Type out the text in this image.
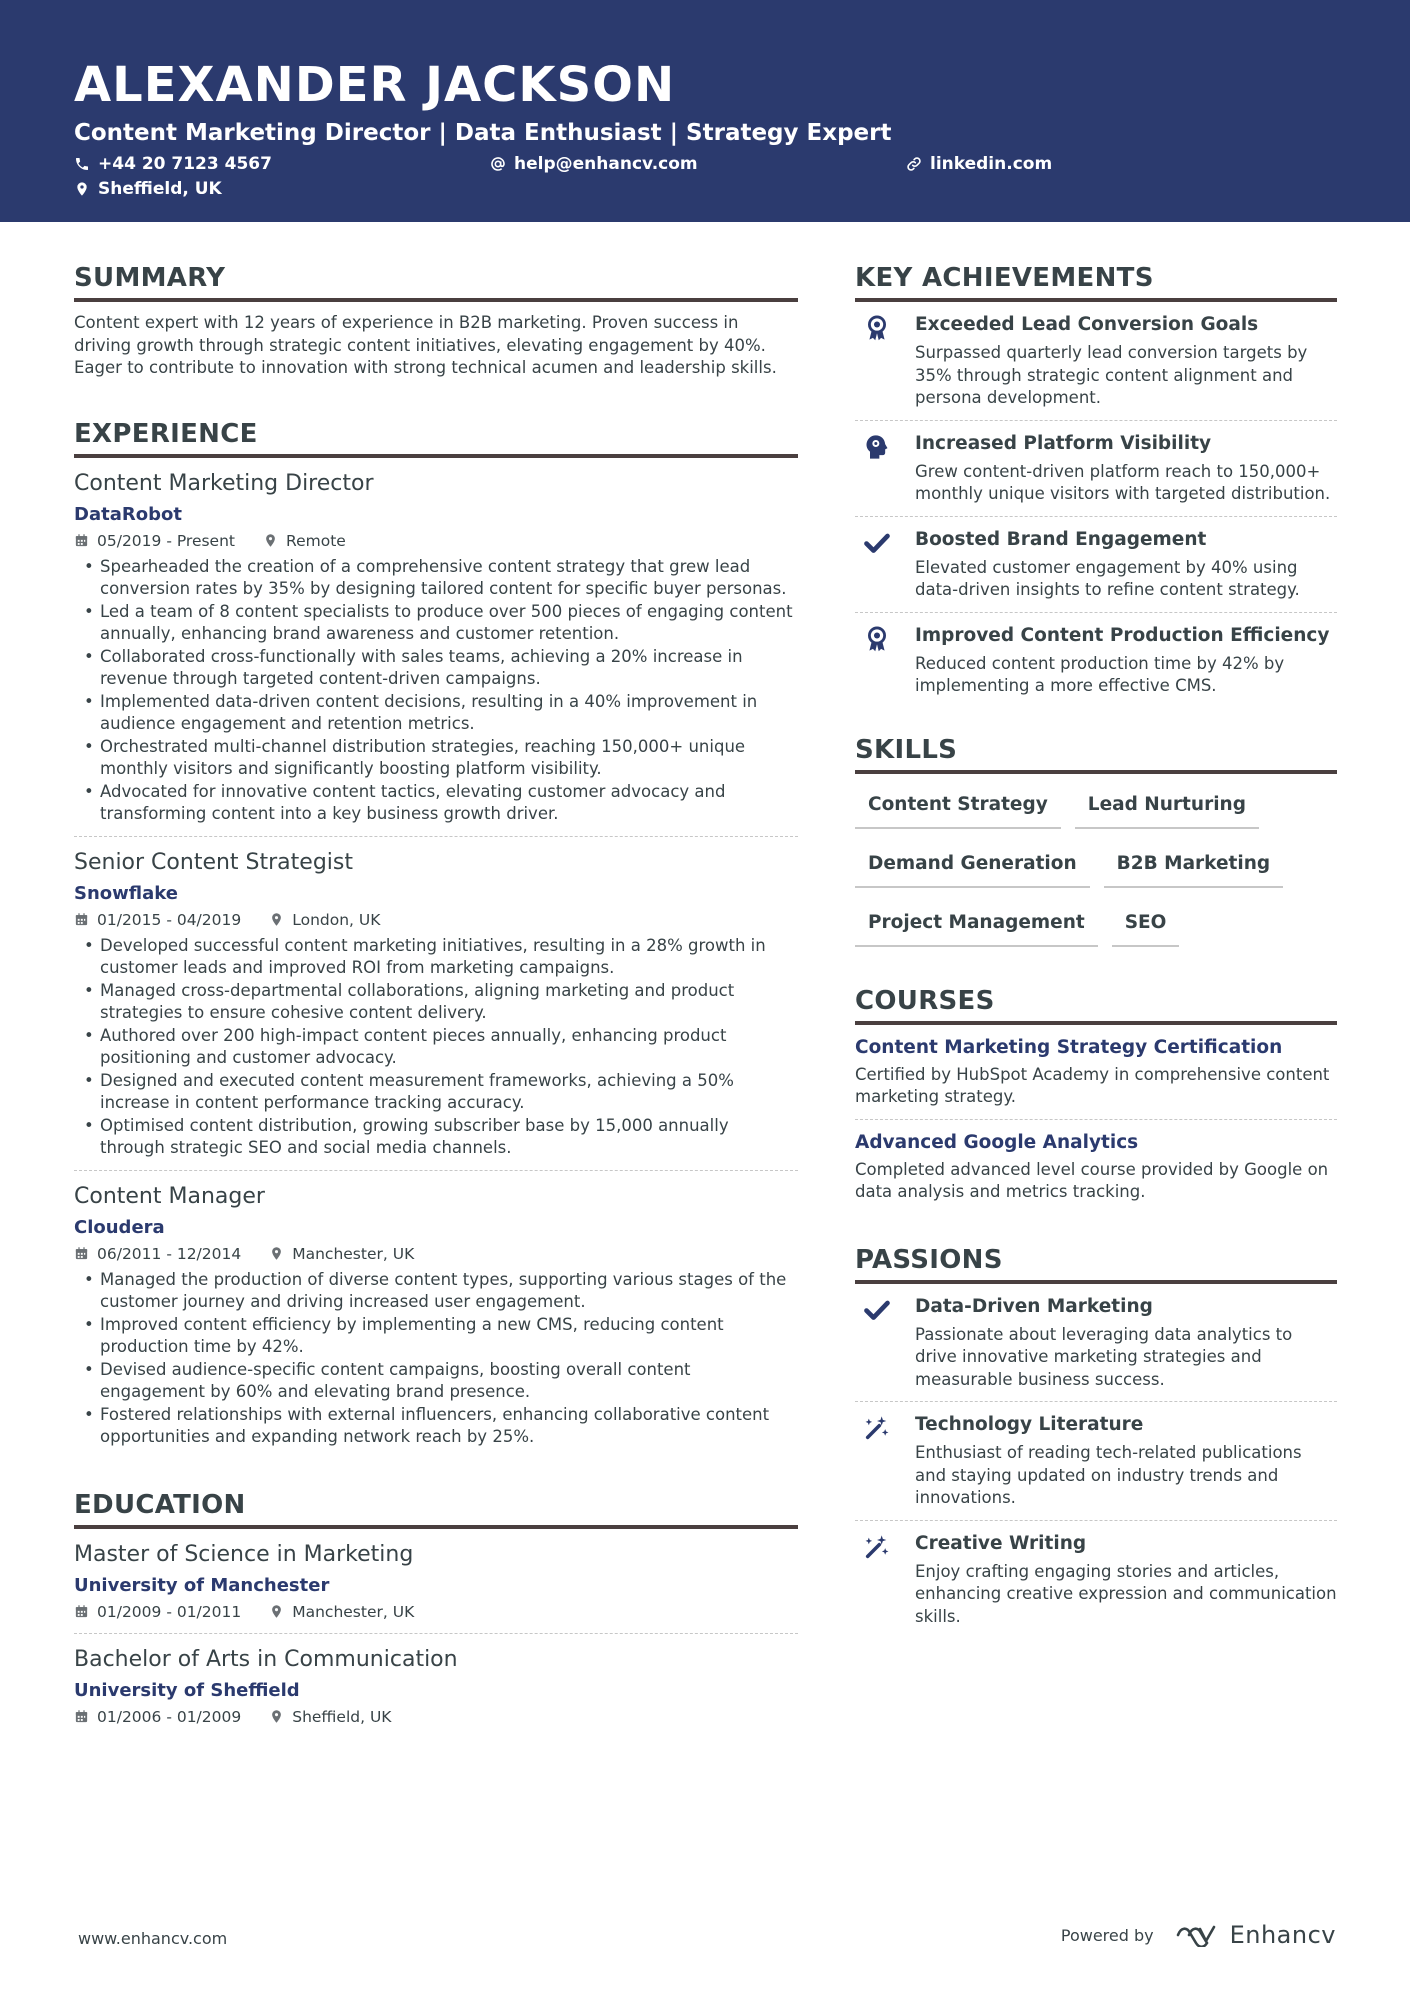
ALEXANDER JACKSON
Content Marketing Director | Data Enthusiast | Strategy Expert
+44 20 7123 4567	help@enhancv.com	linkedin.com
Sheffield, UK
SUMMARY

Content expert with 12 years of experience in B2B marketing. Proven success in driving growth through strategic content initiatives, elevating engagement by 40%. Eager to contribute to innovation with strong technical acumen and leadership skills.

EXPERIENCE
Content Marketing Director
DataRobot
05/2019 - Present	Remote
• Spearheaded the creation of a comprehensive content strategy that grew lead conversion rates by 35% by designing tailored content for specific buyer personas.
• Led a team of 8 content specialists to produce over 500 pieces of engaging content annually, enhancing brand awareness and customer retention.
• Collaborated cross-functionally with sales teams, achieving a 20% increase in revenue through targeted content-driven campaigns.
• Implemented data-driven content decisions, resulting in a 40% improvement in audience engagement and retention metrics.
• Orchestrated multi-channel distribution strategies, reaching 150,000+ unique monthly visitors and significantly boosting platform visibility.
• Advocated for innovative content tactics, elevating customer advocacy and transforming content into a key business growth driver.
Senior Content Strategist
Snowflake
01/2015 - 04/2019	London, UK
• Developed successful content marketing initiatives, resulting in a 28% growth in customer leads and improved ROI from marketing campaigns.
• Managed cross-departmental collaborations, aligning marketing and product strategies to ensure cohesive content delivery.
• Authored over 200 high-impact content pieces annually, enhancing product positioning and customer advocacy.
• Designed and executed content measurement frameworks, achieving a 50% increase in content performance tracking accuracy.
• Optimised content distribution, growing subscriber base by 15,000 annually through strategic SEO and social media channels.
Content Manager
Cloudera
06/2011 - 12/2014	Manchester, UK
• Managed the production of diverse content types, supporting various stages of the customer journey and driving increased user engagement.
• Improved content efficiency by implementing a new CMS, reducing content production time by 42%.
• Devised audience-specific content campaigns, boosting overall content engagement by 60% and elevating brand presence.
• Fostered relationships with external influencers, enhancing collaborative content opportunities and expanding network reach by 25%.
EDUCATION
Master of Science in Marketing
University of Manchester
01/2009 - 01/2011	Manchester, UK
Bachelor of Arts in Communication
University of Sheffield
01/2006 - 01/2009	Sheffield, UK
KEY ACHIEVEMENTS
Exceeded Lead Conversion Goals
Surpassed quarterly lead conversion targets by 35% through strategic content alignment and persona development.
Increased Platform Visibility
Grew content-driven platform reach to 150,000+ monthly unique visitors with targeted distribution.
Boosted Brand Engagement
Elevated customer engagement by 40% using data-driven insights to refine content strategy.
Improved Content Production Efficiency
Reduced content production time by 42% by implementing a more effective CMS.
SKILLS
Content Strategy	Lead Nurturing
Demand Generation	B2B Marketing
Project Management	SEO
COURSES
Content Marketing Strategy Certification
Certified by HubSpot Academy in comprehensive content marketing strategy.
Advanced Google Analytics
Completed advanced level course provided by Google on data analysis and metrics tracking.
PASSIONS
Data-Driven Marketing
Passionate about leveraging data analytics to drive innovative marketing strategies and measurable business success.
Technology Literature
Enthusiast of reading tech-related publications and staying updated on industry trends and innovations.
Creative Writing
Enjoy crafting engaging stories and articles, enhancing creative expression and communication skills.
www.enhancv.com	Powered by	Enhancv
